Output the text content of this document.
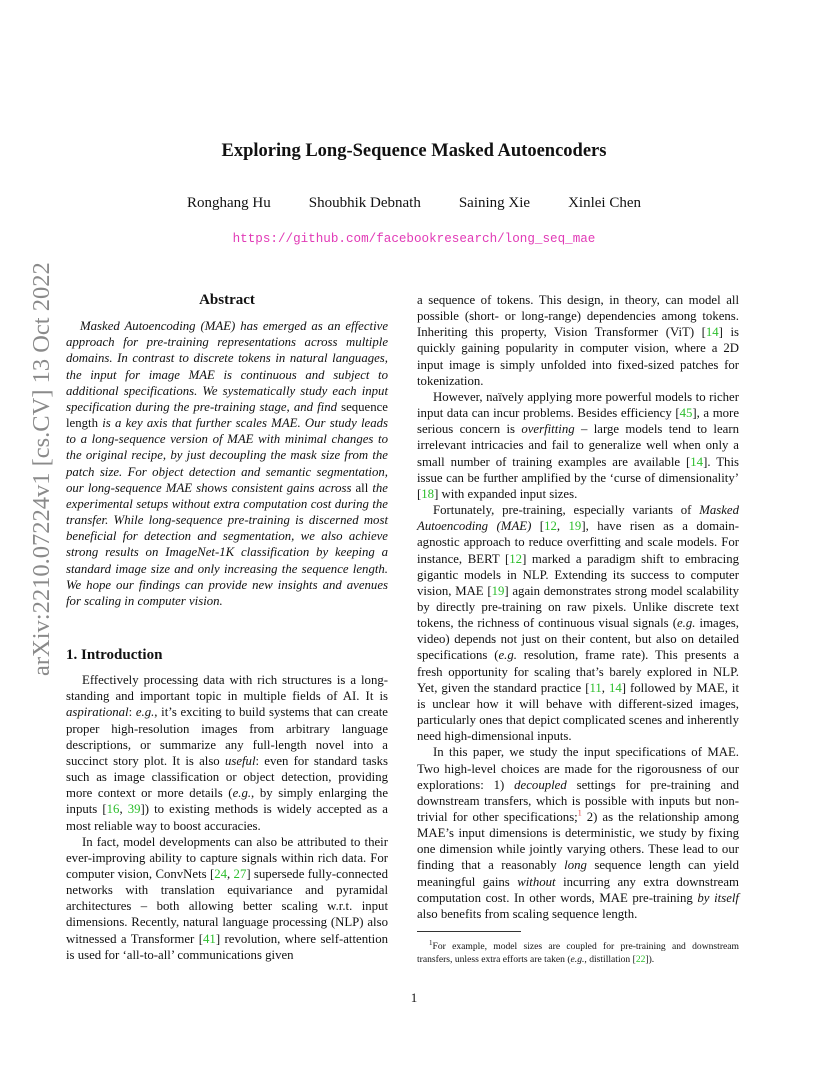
Exploring Long-Sequence Masked Autoencoders
Ronghang Hu	Shoubhik Debnath	Saining Xie	Xinlei Chen
https://github.com/facebookresearch/long_seq_mae
arXiv:2210.07224v1 [cs.CV] 13 Oct 2022	Abstract

Masked Autoencoding (MAE) has emerged as an effective approach for pre-training representations across multiple domains. In contrast to discrete tokens in natural languages, the input for image MAE is continuous and subject to additional specifications. We systematically study each input specification during the pre-training stage, and find sequence length is a key axis that further scales MAE. Our study leads to a long-sequence version of MAE with minimal changes to the original recipe, by just decoupling the mask size from the patch size. For object detection and semantic segmentation, our long-sequence MAE shows consistent gains across all the experimental setups without extra computation cost during the transfer. While long-sequence pre-training is discerned most beneficial for detection and segmentation, we also achieve strong results on ImageNet-1K classification by keeping a standard image size and only increasing the sequence length. We hope our findings can provide new insights and avenues for scaling in computer vision.

1. Introduction

Effectively processing data with rich structures is a long-standing and important topic in multiple fields of AI. It is aspirational: e.g., it’s exciting to build systems that can create proper high-resolution images from arbitrary language descriptions, or summarize any full-length novel into a succinct story plot. It is also useful: even for standard tasks such as image classification or object detection, providing more context or more details (e.g., by simply enlarging the inputs [16, 39]) to existing methods is widely accepted as a most reliable way to boost accuracies.

In fact, model developments can also be attributed to their ever-improving ability to capture signals within rich data. For computer vision, ConvNets [24, 27] supersede fully-connected networks with translation equivariance and pyramidal architectures – both allowing better scaling w.r.t. input dimensions. Recently, natural language processing (NLP) also witnessed a Transformer [41] revolution, where self-attention is used for ‘all-to-all’ communications given

a sequence of tokens. This design, in theory, can model all possible (short- or long-range) dependencies among tokens. Inheriting this property, Vision Transformer (ViT) [14] is quickly gaining popularity in computer vision, where a 2D input image is simply unfolded into fixed-sized patches for tokenization.

However, naïvely applying more powerful models to richer input data can incur problems. Besides efficiency [45], a more serious concern is overfitting – large models tend to learn irrelevant intricacies and fail to generalize well when only a small number of training examples are available [14]. This issue can be further amplified by the ‘curse of dimensionality’ [18] with expanded input sizes.

Fortunately, pre-training, especially variants of Masked Autoencoding (MAE) [12, 19], have risen as a domain-agnostic approach to reduce overfitting and scale models. For instance, BERT [12] marked a paradigm shift to embracing gigantic models in NLP. Extending its success to computer vision, MAE [19] again demonstrates strong model scalability by directly pre-training on raw pixels. Unlike discrete text tokens, the richness of continuous visual signals (e.g. images, video) depends not just on their content, but also on detailed specifications (e.g. resolution, frame rate). This presents a fresh opportunity for scaling that’s barely explored in NLP. Yet, given the standard practice [11, 14] followed by MAE, it is unclear how it will behave with different-sized images, particularly ones that depict complicated scenes and inherently need high-dimensional inputs.

In this paper, we study the input specifications of MAE. Two high-level choices are made for the rigorousness of our explorations: 1) decoupled settings for pre-training and downstream transfers, which is possible with inputs but non-trivial for other specifications;$^1$ 2) as the relationship among MAE’s input dimensions is deterministic, we study by fixing one dimension while jointly varying others. These lead to our finding that a reasonably long sequence length can yield meaningful gains without incurring any extra downstream computation cost. In other words, MAE pre-training by itself also benefits from scaling sequence length.

$^1$For example, model sizes are coupled for pre-training and downstream transfers, unless extra efforts are taken (e.g., distillation [22]).

1
